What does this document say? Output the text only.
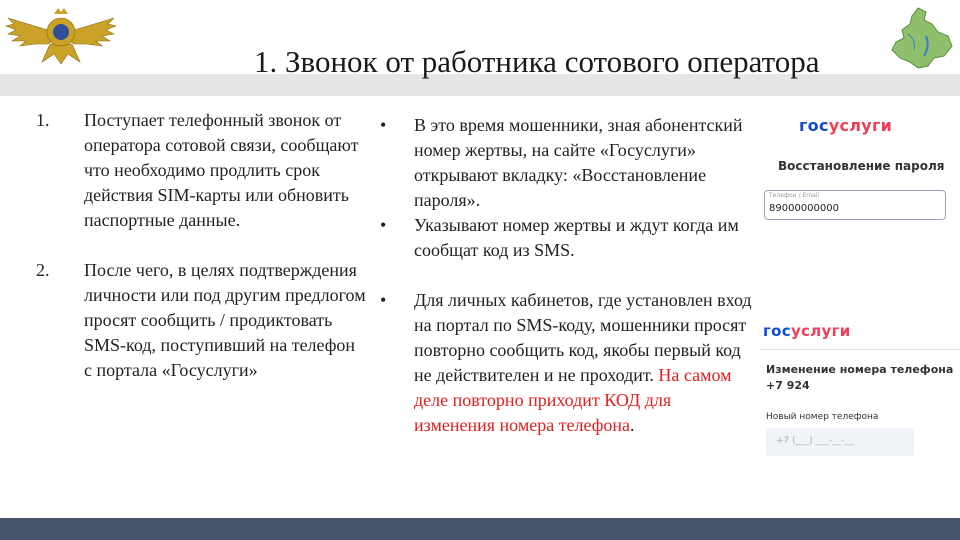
1. Звонок от работника сотового оператора
1.	Поступает телефонный звонок от оператора сотовой связи, сообщают что необходимо продлить срок действия SIM-карты или обновить паспортные данные.
2.	После чего, в целях подтверждения личности или под другим предлогом просят сообщить / продиктовать SMS-код, поступивший на телефон с портала «Госуслуги»
•	В это время мошенники, зная абонентский номер жертвы, на сайте «Госуслуги» открывают вкладку: «Восстановление пароля».
•	Указывают номер жертвы и ждут когда им сообщат код из SMS.
•	Для личных кабинетов, где установлен вход на портал по SMS-коду, мошенники просят повторно сообщить код, якобы первый код не действителен и не проходит. На самом деле повторно приходит КОД для изменения номера телефона.
госуслуги
Восстановление пароля
Телефон / Email
89000000000
госуслуги
Изменение номера телефона
+7 924
Новый номер телефона
+7 (___) ___-__-__
